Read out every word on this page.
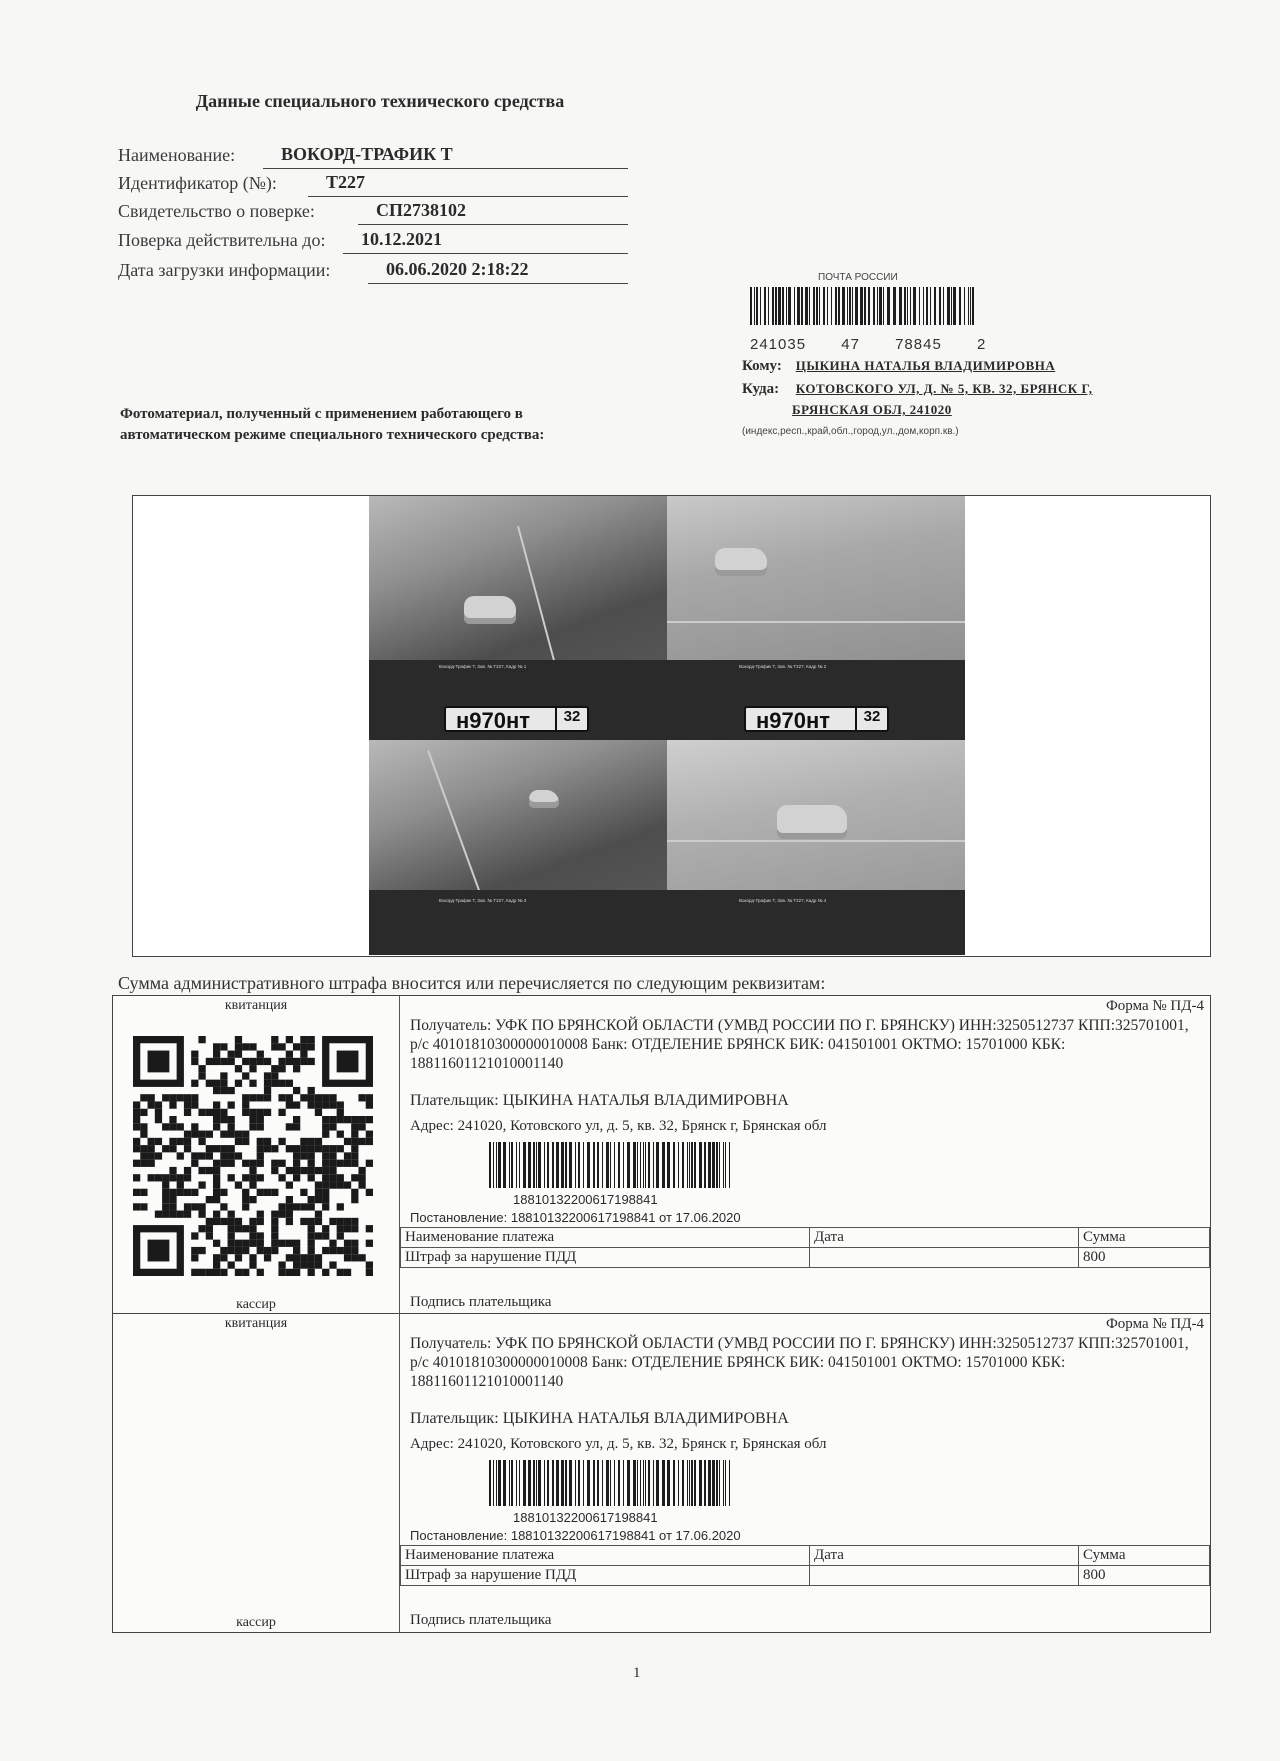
Данные специального технического средства
Наименование:	ВОКОРД-ТРАФИК Т
Идентификатор (№):	Т227
Свидетельство о поверке:	СП2738102
Поверка действительна до:	10.12.2021
Дата загрузки информации:	06.06.2020 2:18:22	ПОЧТА РОССИИ
241035 47 78845 2
Кому: ЦЫКИНА НАТАЛЬЯ ВЛАДИМИРОВНА
Куда: КОТОВСКОГО УЛ, Д. № 5, КВ. 32, БРЯНСК Г,
БРЯНСКАЯ ОБЛ, 241020
(индекс,респ.,край,обл.,город,ул.,дом,корп.кв.)
Фотоматериал, полученный с применением работающего в автоматическом режиме специального технического средства:
Вокорд-Трафик Т, Зав. № Т227, Кадр № 1	Вокорд-Трафик Т, Зав. № Т227, Кадр № 2
н970нт	32	н970нт	32
Вокорд-Трафик Т, Зав. № Т227, Кадр № 3	Вокорд-Трафик Т, Зав. № Т227, Кадр № 4
Сумма административного штрафа вносится или перечисляется по следующим реквизитам:
квитанция
кассир
Форма № ПД-4
Получатель: УФК ПО БРЯНСКОЙ ОБЛАСТИ (УМВД РОССИИ ПО Г. БРЯНСКУ) ИНН:3250512737 КПП:325701001, р/с 40101810300000010008 Банк: ОТДЕЛЕНИЕ БРЯНСК БИК: 041501001 ОКТМО: 15701000 КБК: 18811601121010001140
Плательщик: ЦЫКИНА НАТАЛЬЯ ВЛАДИМИРОВНА
Адрес: 241020, Котовского ул, д. 5, кв. 32, Брянск г, Брянская обл
18810132200617198841
Постановление: 18810132200617198841 от 17.06.2020
Наименование платежа	Дата	Сумма
Штраф за нарушение ПДД		800
Подпись плательщика
квитанция
кассир
Форма № ПД-4
Получатель: УФК ПО БРЯНСКОЙ ОБЛАСТИ (УМВД РОССИИ ПО Г. БРЯНСКУ) ИНН:3250512737 КПП:325701001, р/с 40101810300000010008 Банк: ОТДЕЛЕНИЕ БРЯНСК БИК: 041501001 ОКТМО: 15701000 КБК: 18811601121010001140
Плательщик: ЦЫКИНА НАТАЛЬЯ ВЛАДИМИРОВНА
Адрес: 241020, Котовского ул, д. 5, кв. 32, Брянск г, Брянская обл
18810132200617198841
Постановление: 18810132200617198841 от 17.06.2020
Наименование платежа	Дата	Сумма
Штраф за нарушение ПДД		800
Подпись плательщика
1
